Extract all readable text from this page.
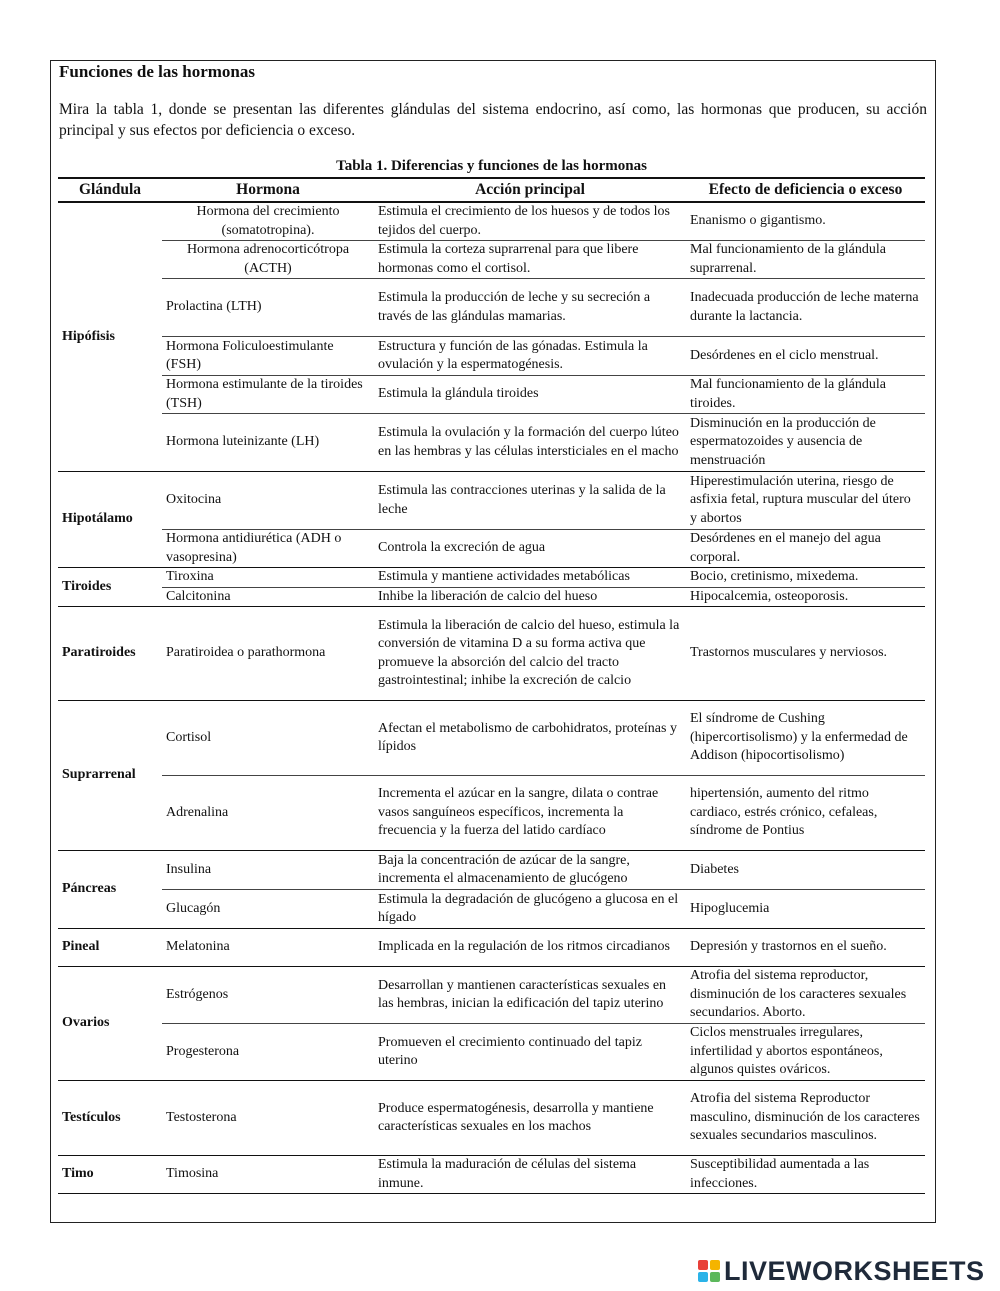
Funciones de las hormonas
Mira la tabla 1, donde se presentan las diferentes glándulas del sistema endocrino, así como, las hormonas que producen, su acción principal y sus efectos por deficiencia o exceso.
Tabla 1. Diferencias y funciones de las hormonas
Glándula	Hormona	Acción principal	Efecto de deficiencia o exceso
Hipófisis	Hormona del crecimiento (somatotropina).	Estimula el crecimiento de los huesos y de todos los tejidos del cuerpo.	Enanismo o gigantismo.
	Hormona adrenocorticótropa (ACTH)	Estimula la corteza suprarrenal para que libere hormonas como el cortisol.	Mal funcionamiento de la glándula suprarrenal.
	Prolactina (LTH)	Estimula la producción de leche y su secreción a través de las glándulas mamarias.	Inadecuada producción de leche materna durante la lactancia.
	Hormona Foliculoestimulante (FSH)	Estructura y función de las gónadas. Estimula la ovulación y la espermatogénesis.	Desórdenes en el ciclo menstrual.
	Hormona estimulante de la tiroides (TSH)	Estimula la glándula tiroides	Mal funcionamiento de la glándula tiroides.
	Hormona luteinizante (LH)	Estimula la ovulación y la formación del cuerpo lúteo en las hembras y las células intersticiales en el macho	Disminución en la producción de espermatozoides y ausencia de menstruación
Hipotálamo	Oxitocina	Estimula las contracciones uterinas y la salida de la leche	Hiperestimulación uterina, riesgo de asfixia fetal, ruptura muscular del útero y abortos
	Hormona antidiurética (ADH o vasopresina)	Controla la excreción de agua	Desórdenes en el manejo del agua corporal.
Tiroides	Tiroxina	Estimula y mantiene actividades metabólicas	Bocio, cretinismo, mixedema.
	Calcitonina	Inhibe la liberación de calcio del hueso	Hipocalcemia, osteoporosis.
Paratiroides	Paratiroidea o parathormona	Estimula la liberación de calcio del hueso, estimula la conversión de vitamina D a su forma activa que promueve la absorción del calcio del tracto gastrointestinal; inhibe la excreción de calcio	Trastornos musculares y nerviosos.
Suprarrenal	Cortisol	Afectan el metabolismo de carbohidratos, proteínas y lípidos	El síndrome de Cushing (hipercortisolismo) y la enfermedad de Addison (hipocortisolismo)
	Adrenalina	Incrementa el azúcar en la sangre, dilata o contrae vasos sanguíneos específicos, incrementa la frecuencia y la fuerza del latido cardíaco	hipertensión, aumento del ritmo cardiaco, estrés crónico, cefaleas, síndrome de Pontius
Páncreas	Insulina	Baja la concentración de azúcar de la sangre, incrementa el almacenamiento de glucógeno	Diabetes
	Glucagón	Estimula la degradación de glucógeno a glucosa en el hígado	Hipoglucemia
Pineal	Melatonina	Implicada en la regulación de los ritmos circadianos	Depresión y trastornos en el sueño.
Ovarios	Estrógenos	Desarrollan y mantienen características sexuales en las hembras, inician la edificación del tapiz uterino	Atrofia del sistema reproductor, disminución de los caracteres sexuales secundarios. Aborto.
	Progesterona	Promueven el crecimiento continuado del tapiz uterino	Ciclos menstruales irregulares, infertilidad y abortos espontáneos, algunos quistes ováricos.
Testículos	Testosterona	Produce espermatogénesis, desarrolla y mantiene características sexuales en los machos	Atrofia del sistema Reproductor masculino, disminución de los caracteres sexuales secundarios masculinos.
Timo	Timosina	Estimula la maduración de células del sistema inmune.	Susceptibilidad aumentada a las infecciones.
LIVEWORKSHEETS
